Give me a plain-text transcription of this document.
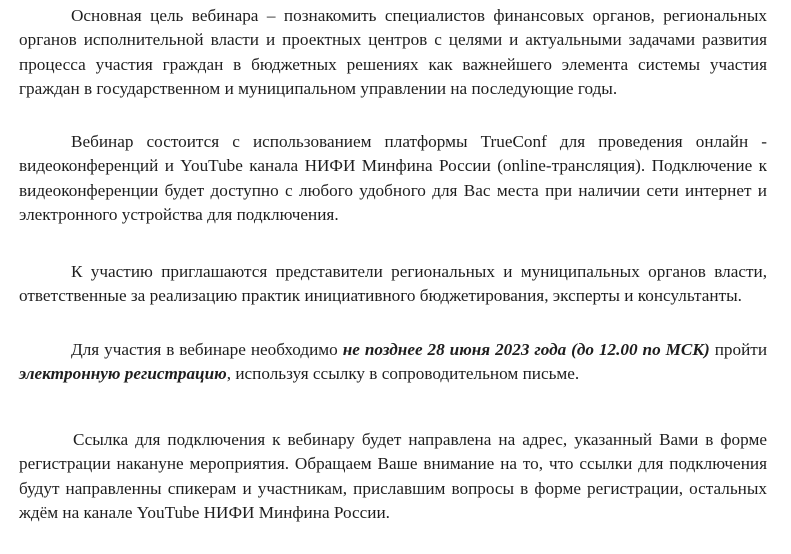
Основная цель вебинара – познакомить специалистов финансовых органов, региональных органов исполнительной власти и проектных центров с целями и актуальными задачами развития процесса участия граждан в бюджетных решениях как важнейшего элемента системы участия граждан в государственном и муниципальном управлении на последующие годы.

Вебинар состоится с использованием платформы TrueConf для проведения онлайн - видеоконференций и YouTube канала НИФИ Минфина России (online-трансляция). Подключение к видеоконференции будет доступно с любого удобного для Вас места при наличии сети интернет и электронного устройства для подключения.

К участию приглашаются представители региональных и муниципальных органов власти, ответственные за реализацию практик инициативного бюджетирования, эксперты и консультанты.

Для участия в вебинаре необходимо не позднее 28 июня 2023 года (до 12.00 по МСК) пройти электронную регистрацию, используя ссылку в сопроводительном письме.

Ссылка для подключения к вебинару будет направлена на адрес, указанный Вами в форме регистрации накануне мероприятия. Обращаем Ваше внимание на то, что ссылки для подключения будут направленны спикерам и участникам, приславшим вопросы в форме регистрации, остальных ждём на канале YouTube НИФИ Минфина России.
